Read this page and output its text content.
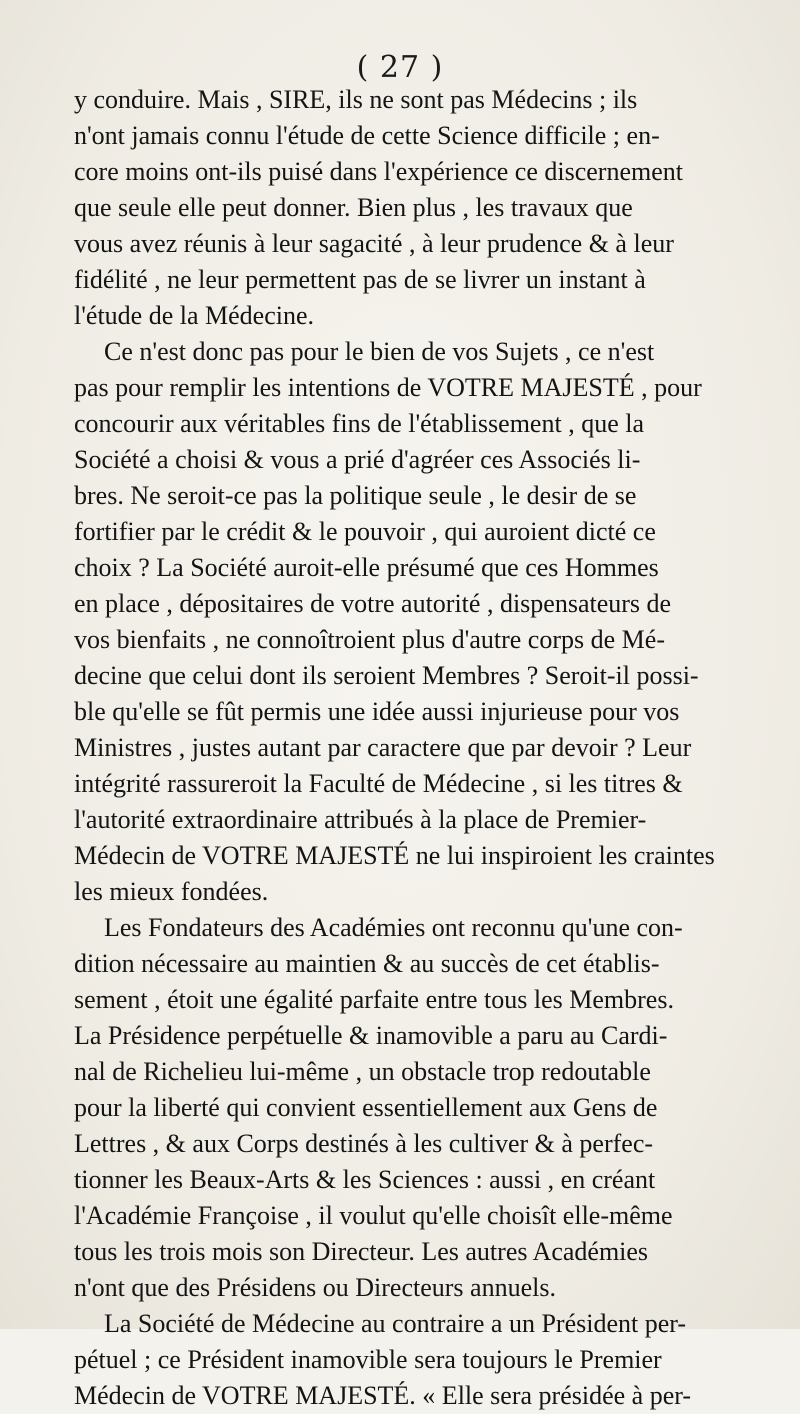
( 27 )
y conduire. Mais , SIRE, ils ne sont pas Médecins ; ils
n'ont jamais connu l'étude de cette Science difficile ; en-
core moins ont-ils puisé dans l'expérience ce discernement
que seule elle peut donner. Bien plus , les travaux que
vous avez réunis à leur sagacité , à leur prudence & à leur
fidélité , ne leur permettent pas de se livrer un instant à
l'étude de la Médecine.
Ce n'est donc pas pour le bien de vos Sujets , ce n'est
pas pour remplir les intentions de VOTRE MAJESTÉ , pour
concourir aux véritables fins de l'établissement , que la
Société a choisi & vous a prié d'agréer ces Associés li-
bres. Ne seroit-ce pas la politique seule , le desir de se
fortifier par le crédit & le pouvoir , qui auroient dicté ce
choix ? La Société auroit-elle présumé que ces Hommes
en place , dépositaires de votre autorité , dispensateurs de
vos bienfaits , ne connoîtroient plus d'autre corps de Mé-
decine que celui dont ils seroient Membres ? Seroit-il possi-
ble qu'elle se fût permis une idée aussi injurieuse pour vos
Ministres , justes autant par caractere que par devoir ? Leur
intégrité rassureroit la Faculté de Médecine , si les titres &
l'autorité extraordinaire attribués à la place de Premier-
Médecin de VOTRE MAJESTÉ ne lui inspiroient les craintes
les mieux fondées.
Les Fondateurs des Académies ont reconnu qu'une con-
dition nécessaire au maintien & au succès de cet établis-
sement , étoit une égalité parfaite entre tous les Membres.
La Présidence perpétuelle & inamovible a paru au Cardi-
nal de Richelieu lui-même , un obstacle trop redoutable
pour la liberté qui convient essentiellement aux Gens de
Lettres , & aux Corps destinés à les cultiver & à perfec-
tionner les Beaux-Arts & les Sciences : aussi , en créant
l'Académie Françoise , il voulut qu'elle choisît elle-même
tous les trois mois son Directeur. Les autres Académies
n'ont que des Présidens ou Directeurs annuels.
La Société de Médecine au contraire a un Président per-
pétuel ; ce Président inamovible sera toujours le Premier
Médecin de VOTRE MAJESTÉ. « Elle sera présidée à per-
